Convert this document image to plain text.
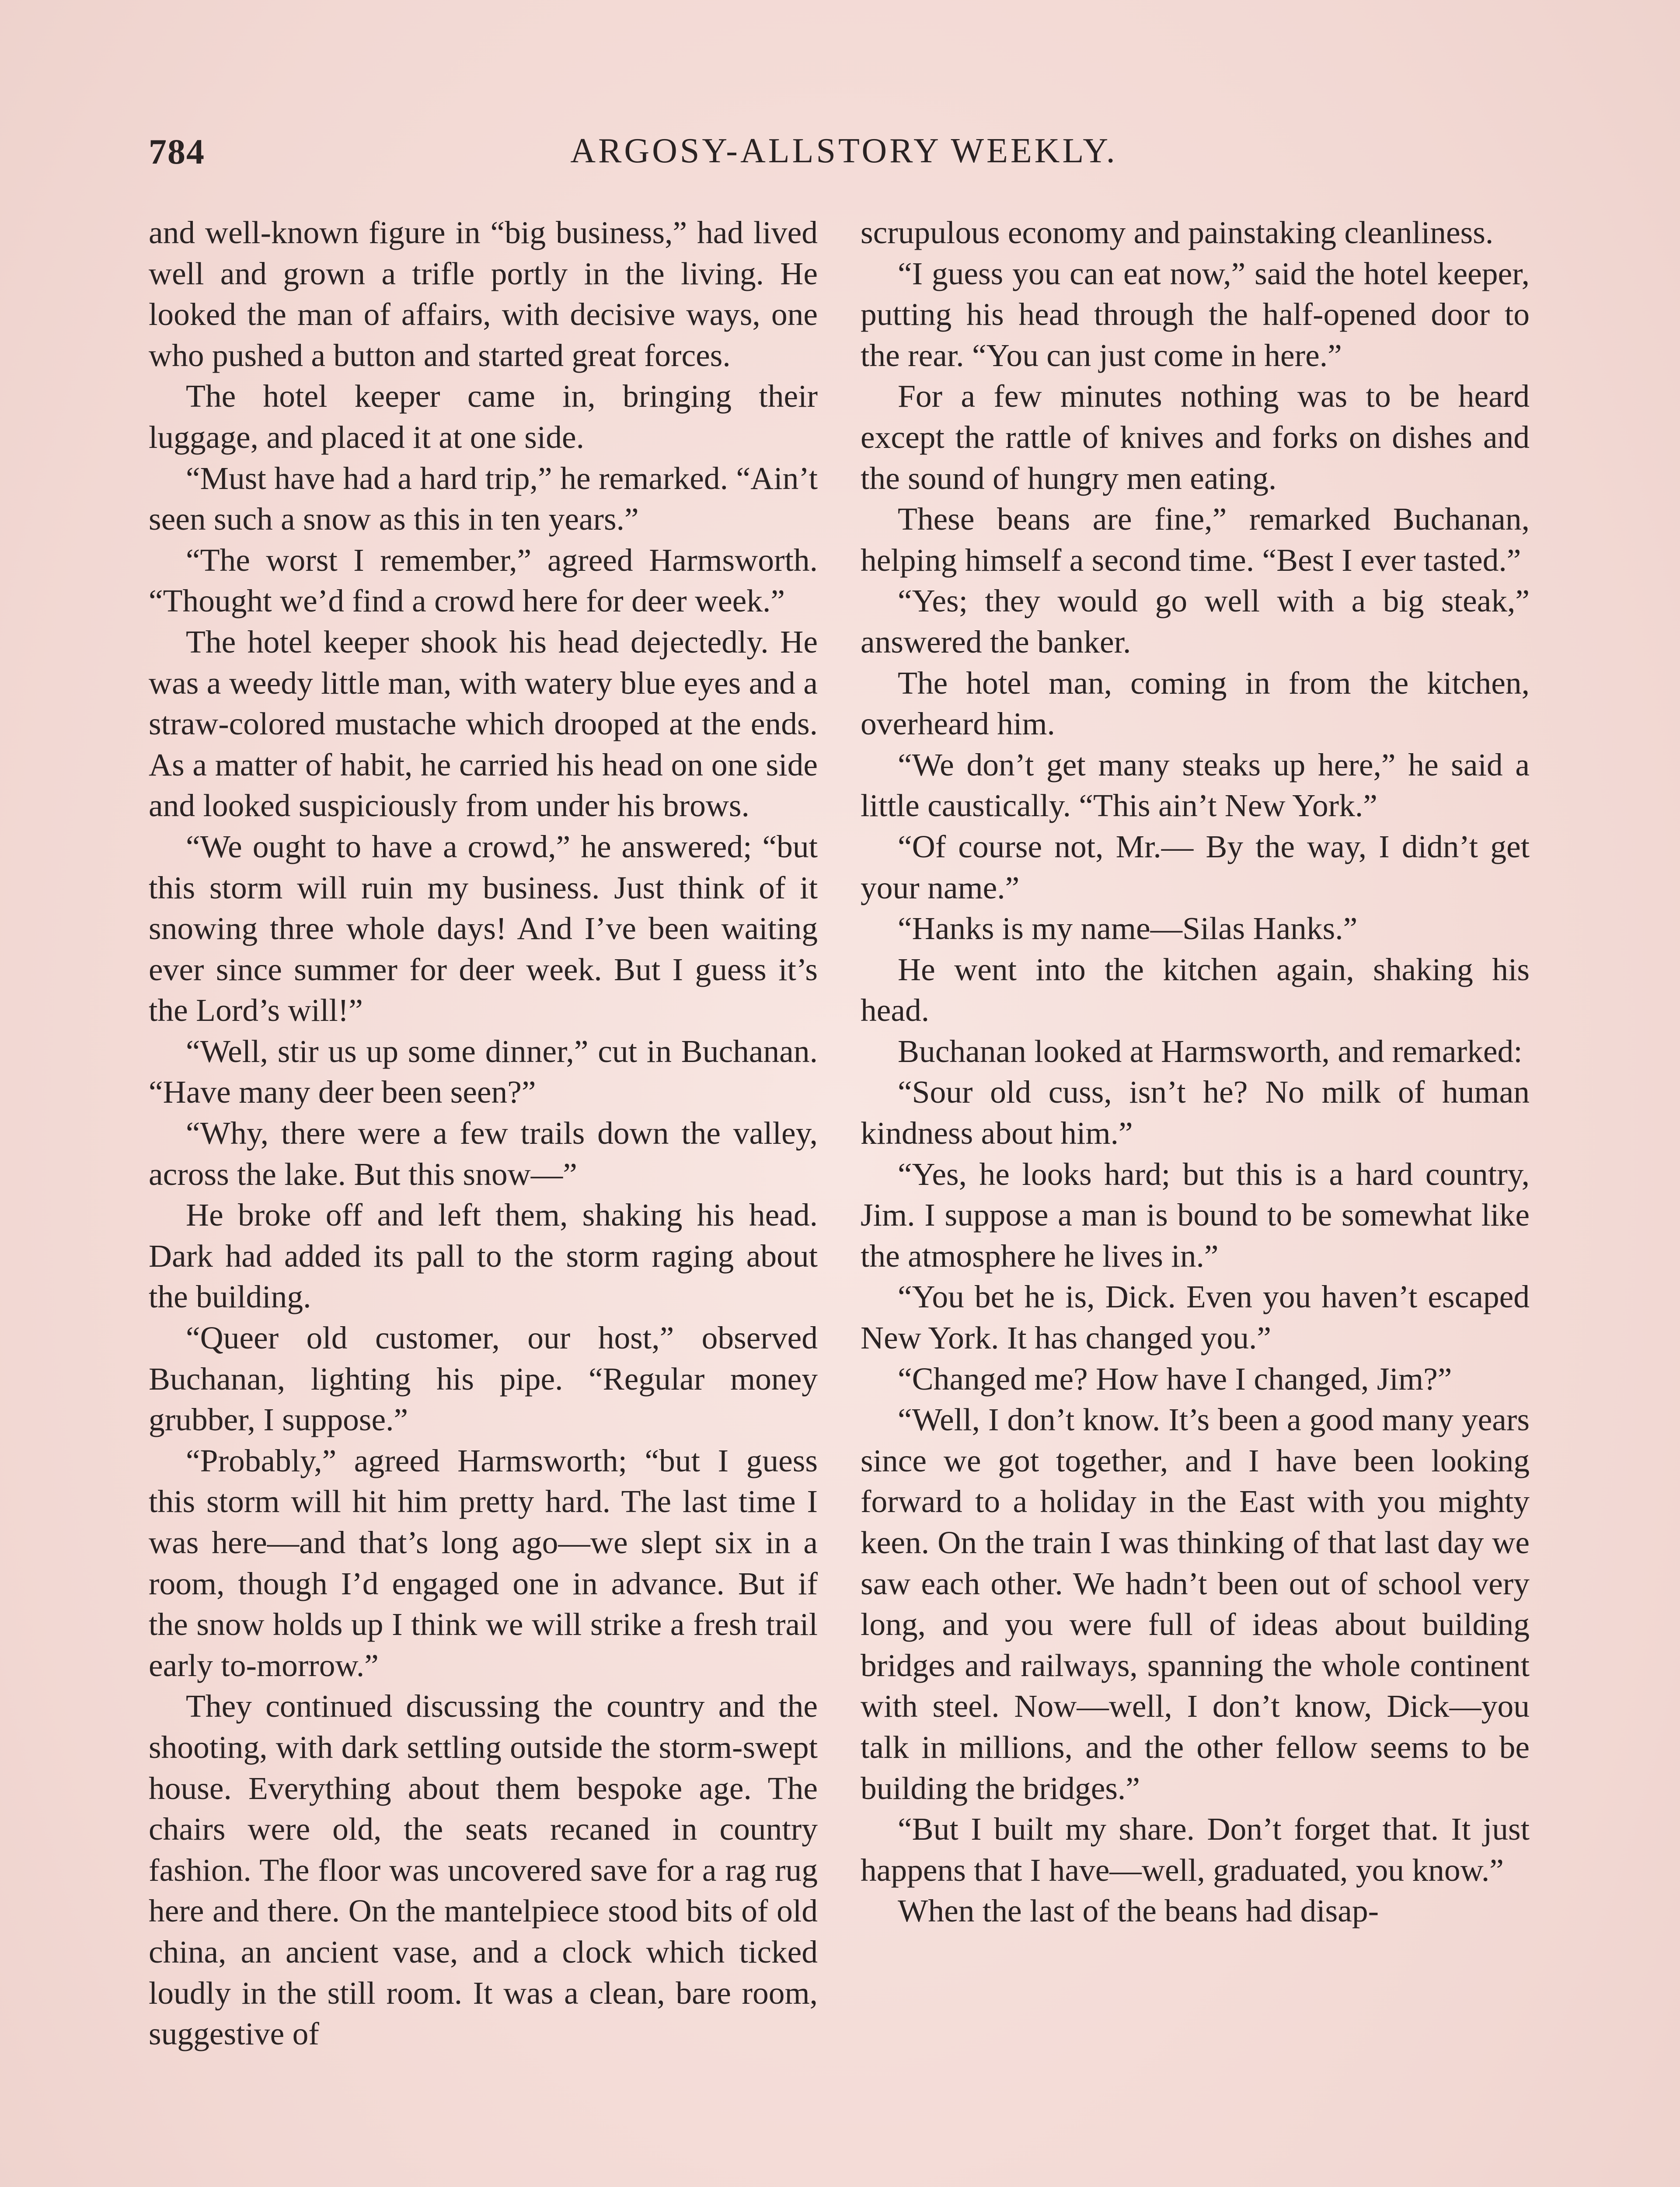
784	ARGOSY-ALLSTORY WEEKLY.

and well-known figure in “big business,” had lived well and grown a trifle portly in the living. He looked the man of affairs, with decisive ways, one who pushed a button and started great forces.

The hotel keeper came in, bringing their luggage, and placed it at one side.

“Must have had a hard trip,” he remarked. “Ain’t seen such a snow as this in ten years.”

“The worst I remember,” agreed Harmsworth. “Thought we’d find a crowd here for deer week.”

The hotel keeper shook his head dejectedly. He was a weedy little man, with watery blue eyes and a straw-colored mustache which drooped at the ends. As a matter of habit, he carried his head on one side and looked suspiciously from under his brows.

“We ought to have a crowd,” he answered; “but this storm will ruin my business. Just think of it snowing three whole days! And I’ve been waiting ever since summer for deer week. But I guess it’s the Lord’s will!”

“Well, stir us up some dinner,” cut in Buchanan. “Have many deer been seen?”

“Why, there were a few trails down the valley, across the lake. But this snow—”

He broke off and left them, shaking his head. Dark had added its pall to the storm raging about the building.

“Queer old customer, our host,” observed Buchanan, lighting his pipe. “Regular money grubber, I suppose.”

“Probably,” agreed Harmsworth; “but I guess this storm will hit him pretty hard. The last time I was here—and that’s long ago—we slept six in a room, though I’d engaged one in advance. But if the snow holds up I think we will strike a fresh trail early to-morrow.”

They continued discussing the country and the shooting, with dark settling outside the storm-swept house. Everything about them bespoke age. The chairs were old, the seats recaned in country fashion. The floor was uncovered save for a rag rug here and there. On the mantelpiece stood bits of old china, an ancient vase, and a clock which ticked loudly in the still room. It was a clean, bare room, suggestive of

scrupulous economy and painstaking cleanliness.

“I guess you can eat now,” said the hotel keeper, putting his head through the half-opened door to the rear. “You can just come in here.”

For a few minutes nothing was to be heard except the rattle of knives and forks on dishes and the sound of hungry men eating.

These beans are fine,” remarked Buchanan, helping himself a second time. “Best I ever tasted.”

“Yes; they would go well with a big steak,” answered the banker.

The hotel man, coming in from the kitchen, overheard him.

“We don’t get many steaks up here,” he said a little caustically. “This ain’t New York.”

“Of course not, Mr.— By the way, I didn’t get your name.”

“Hanks is my name—Silas Hanks.”

He went into the kitchen again, shaking his head.

Buchanan looked at Harmsworth, and remarked:

“Sour old cuss, isn’t he? No milk of human kindness about him.”

“Yes, he looks hard; but this is a hard country, Jim. I suppose a man is bound to be somewhat like the atmosphere he lives in.”

“You bet he is, Dick. Even you haven’t escaped New York. It has changed you.”

“Changed me? How have I changed, Jim?”

“Well, I don’t know. It’s been a good many years since we got together, and I have been looking forward to a holiday in the East with you mighty keen. On the train I was thinking of that last day we saw each other. We hadn’t been out of school very long, and you were full of ideas about building bridges and railways, spanning the whole continent with steel. Now—well, I don’t know, Dick—you talk in millions, and the other fellow seems to be building the bridges.”

“But I built my share. Don’t forget that. It just happens that I have—well, graduated, you know.”

When the last of the beans had disap-
